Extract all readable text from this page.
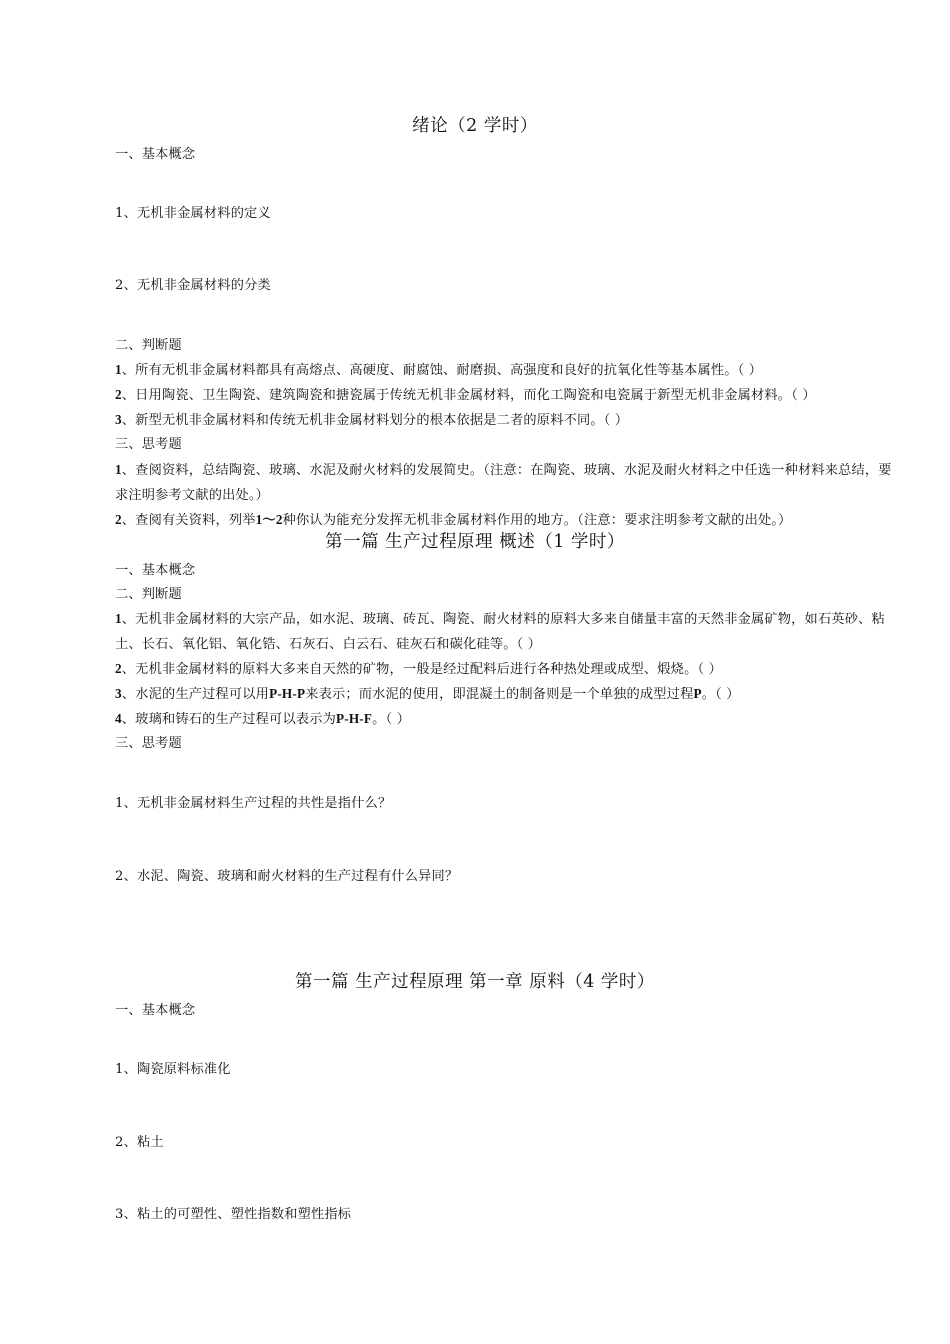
绪论（2 学时）
一、基本概念
1、无机非金属材料的定义
2、无机非金属材料的分类
二、判断题
1、所有无机非金属材料都具有高熔点、高硬度、耐腐蚀、耐磨损、高强度和良好的抗氧化性等基本属性。（ ）
2、日用陶瓷、卫生陶瓷、建筑陶瓷和搪瓷属于传统无机非金属材料，而化工陶瓷和电瓷属于新型无机非金属材料。（ ）
3、新型无机非金属材料和传统无机非金属材料划分的根本依据是二者的原料不同。（ ）
三、思考题
1、查阅资料，总结陶瓷、玻璃、水泥及耐火材料的发展简史。（注意：在陶瓷、玻璃、水泥及耐火材料之中任选一种材料来总结，要求注明参考文献的出处。）
2、查阅有关资料，列举1～2种你认为能充分发挥无机非金属材料作用的地方。（注意：要求注明参考文献的出处。）
第一篇 生产过程原理 概述（1 学时）
一、基本概念
二、判断题
1、无机非金属材料的大宗产品，如水泥、玻璃、砖瓦、陶瓷、耐火材料的原料大多来自储量丰富的天然非金属矿物，如石英砂、粘土、长石、氧化铝、氧化锆、石灰石、白云石、硅灰石和碳化硅等。（ ）
2、无机非金属材料的原料大多来自天然的矿物，一般是经过配料后进行各种热处理或成型、煅烧。（ ）
3、水泥的生产过程可以用P-H-P来表示；而水泥的使用，即混凝土的制备则是一个单独的成型过程P。（ ）
4、玻璃和铸石的生产过程可以表示为P-H-F。（ ）
三、思考题
1、无机非金属材料生产过程的共性是指什么？
2、水泥、陶瓷、玻璃和耐火材料的生产过程有什么异同？
第一篇 生产过程原理 第一章 原料（4 学时）
一、基本概念
1、陶瓷原料标准化
2、粘土
3、粘土的可塑性、塑性指数和塑性指标
